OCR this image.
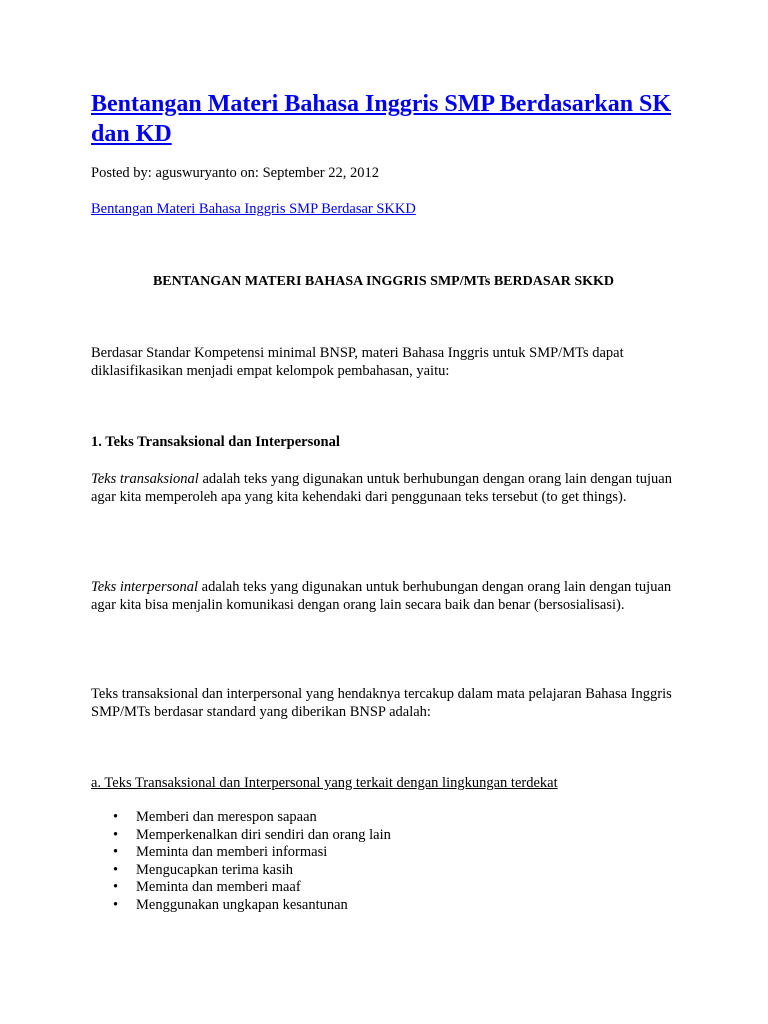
Bentangan Materi Bahasa Inggris SMP Berdasarkan SK dan KD
Posted by: aguswuryanto on: September 22, 2012
Bentangan Materi Bahasa Inggris SMP Berdasar SKKD
BENTANGAN MATERI BAHASA INGGRIS SMP/MTs BERDASAR SKKD

Berdasar Standar Kompetensi minimal BNSP, materi Bahasa Inggris untuk SMP/MTs dapat diklasifikasikan menjadi empat kelompok pembahasan, yaitu:

1. Teks Transaksional dan Interpersonal

Teks transaksional adalah teks yang digunakan untuk berhubungan dengan orang lain dengan tujuan agar kita memperoleh apa yang kita kehendaki dari penggunaan teks tersebut (to get things).

Teks interpersonal adalah teks yang digunakan untuk berhubungan dengan orang lain dengan tujuan agar kita bisa menjalin komunikasi dengan orang lain secara baik dan benar (bersosialisasi).

Teks transaksional dan interpersonal yang hendaknya tercakup dalam mata pelajaran Bahasa Inggris SMP/MTs berdasar standard yang diberikan BNSP adalah:

a. Teks Transaksional dan Interpersonal yang terkait dengan lingkungan terdekat
• Memberi dan merespon sapaan
• Memperkenalkan diri sendiri dan orang lain
• Meminta dan memberi informasi
• Mengucapkan terima kasih
• Meminta dan memberi maaf
• Menggunakan ungkapan kesantunan
